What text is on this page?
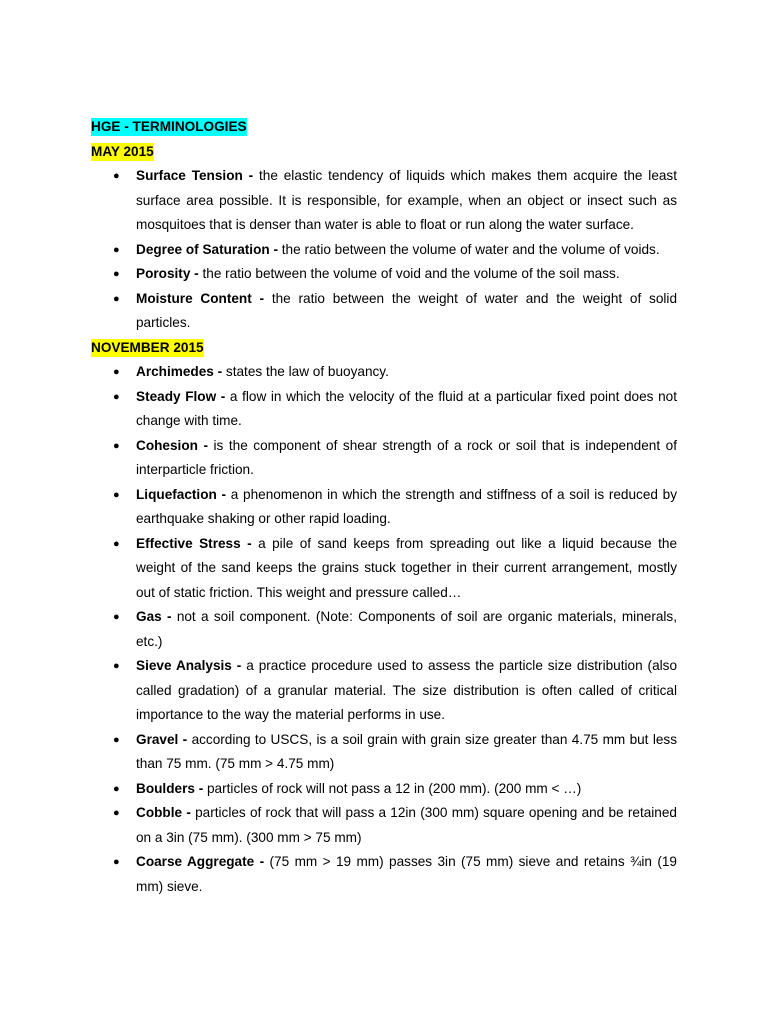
HGE - TERMINOLOGIES
MAY 2015
● Surface Tension - the elastic tendency of liquids which makes them acquire the least surface area possible. It is responsible, for example, when an object or insect such as mosquitoes that is denser than water is able to float or run along the water surface.
● Degree of Saturation - the ratio between the volume of water and the volume of voids.
● Porosity - the ratio between the volume of void and the volume of the soil mass.
● Moisture Content - the ratio between the weight of water and the weight of solid particles.
NOVEMBER 2015
● Archimedes - states the law of buoyancy.
● Steady Flow - a flow in which the velocity of the fluid at a particular fixed point does not change with time.
● Cohesion - is the component of shear strength of a rock or soil that is independent of interparticle friction.
● Liquefaction - a phenomenon in which the strength and stiffness of a soil is reduced by earthquake shaking or other rapid loading.
● Effective Stress - a pile of sand keeps from spreading out like a liquid because the weight of the sand keeps the grains stuck together in their current arrangement, mostly out of static friction. This weight and pressure called…
● Gas - not a soil component. (Note: Components of soil are organic materials, minerals, etc.)
● Sieve Analysis - a practice procedure used to assess the particle size distribution (also called gradation) of a granular material. The size distribution is often called of critical importance to the way the material performs in use.
● Gravel - according to USCS, is a soil grain with grain size greater than 4.75 mm but less than 75 mm. (75 mm > 4.75 mm)
● Boulders - particles of rock will not pass a 12 in (200 mm). (200 mm < …)
● Cobble - particles of rock that will pass a 12in (300 mm) square opening and be retained on a 3in (75 mm). (300 mm > 75 mm)
● Coarse Aggregate - (75 mm > 19 mm) passes 3in (75 mm) sieve and retains ¾in (19 mm) sieve.
